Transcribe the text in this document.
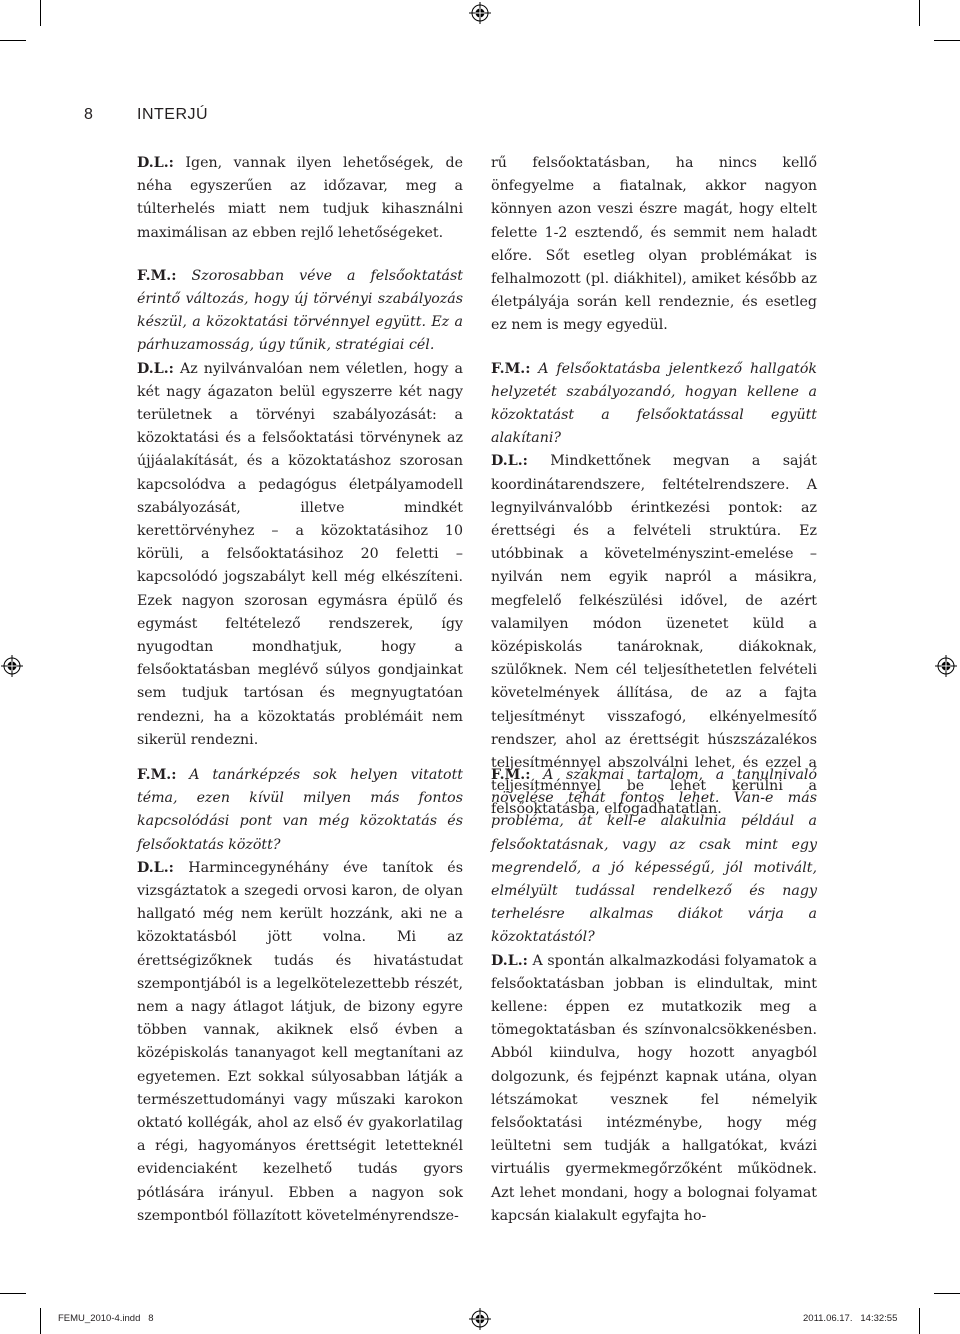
8	INTERJÚ

D.L.: Igen, vannak ilyen lehetőségek, de néha egyszerűen az időzavar, meg a túlterhelés miatt nem tudjuk kihasználni maximálisan az ebben rejlő lehetőségeket.

F.M.: Szorosabban véve a felsőoktatást érintő változás, hogy új törvényi szabályozás készül, a közoktatási törvénnyel együtt. Ez a párhuzamosság, úgy tűnik, stratégiai cél.

D.L.: Az nyilvánvalóan nem véletlen, hogy a két nagy ágazaton belül egyszerre két nagy területnek a törvényi szabályozását: a közoktatási és a felsőoktatási törvénynek az újjáalakítását, és a közoktatáshoz szorosan kapcsolódva a pedagógus életpályamodell szabályozását, illetve mindkét kerettörvényhez – a közoktatásihoz 10 körüli, a felsőoktatásihoz 20 feletti – kapcsolódó jogszabályt kell még elkészíteni. Ezek nagyon szorosan egymásra épülő és egymást feltételező rendszerek, így nyugodtan mondhatjuk, hogy a felsőoktatásban meglévő súlyos gondjainkat sem tudjuk tartósan és megnyugtatóan rendezni, ha a közoktatás problémáit nem sikerül rendezni.

rű felsőoktatásban, ha nincs kellő önfegyelme a fiatalnak, akkor nagyon könnyen azon veszi észre magát, hogy eltelt felette 1-2 esztendő, és semmit nem haladt előre. Sőt esetleg olyan problémákat is felhalmozott (pl. diákhitel), amiket később az életpályája során kell rendeznie, és esetleg ez nem is megy egyedül.

F.M.: A felsőoktatásba jelentkező hallgatók helyzetét szabályozandó, hogyan kellene a közoktatást a felsőoktatással együtt alakítani?

D.L.: Mindkettőnek megvan a saját koordinátarendszere, feltételrendszere. A legnyilvánvalóbb érintkezési pontok: az érettségi és a felvételi struktúra. Ez utóbbinak a követelményszint-emelése – nyilván nem egyik napról a másikra, megfelelő felkészülési idővel, de azért valamilyen módon üzenetet küld a középiskolás tanároknak, diákoknak, szülőknek. Nem cél teljesíthetetlen felvételi követelmények állítása, de az a fajta teljesítményt visszafogó, elkényelmesítő rendszer, ahol az érettségit húszszázalékos teljesítménnyel abszolválni lehet, és ezzel a teljesítménnyel be lehet kerülni a felsőoktatásba, elfogadhatatlan.

F.M.: A tanárképzés sok helyen vitatott téma, ezen kívül milyen más fontos kapcsolódási pont van még közoktatás és felsőoktatás között?

D.L.: Harmincegynéhány éve tanítok és vizsgáztatok a szegedi orvosi karon, de olyan hallgató még nem került hozzánk, aki ne a közoktatásból jött volna. Mi az érettségizőknek tudás és hivatástudat szempontjából is a legelkötelezettebb részét, nem a nagy átlagot látjuk, de bizony egyre többen vannak, akiknek első évben a középiskolás tananyagot kell megtanítani az egyetemen. Ezt sokkal súlyosabban látják a természettudományi vagy műszaki karokon oktató kollégák, ahol az első év gyakorlatilag a régi, hagyományos érettségit letetteknél evidenciaként kezelhető tudás gyors pótlására irányul. Ebben a nagyon sok szempontból föllazított követelményrendsze-

F.M.: A szakmai tartalom, a tanulnivaló növelése tehát fontos lehet. Van-e más probléma, át kell-e alakulnia például a felsőoktatásnak, vagy az csak mint egy megrendelő, a jó képességű, jól motivált, elmélyült tudással rendelkező és nagy terhelésre alkalmas diákot várja a közoktatástól?

D.L.: A spontán alkalmazkodási folyamatok a felsőoktatásban jobban is elindultak, mint kellene: éppen ez mutatkozik meg a tömegoktatásban és színvonalcsökkenésben. Abból kiindulva, hogy hozott anyagból dolgozunk, és fejpénzt kapnak utána, olyan létszámokat vesznek fel némelyik felsőoktatási intézménybe, hogy még leültetni sem tudják a hallgatókat, kvázi virtuális gyermekmegőrzőként működnek. Azt lehet mondani, hogy a bolognai folyamat kapcsán kialakult egyfajta ho-

FEMU_2010-4.indd   8	2011.06.17.   14:32:55
